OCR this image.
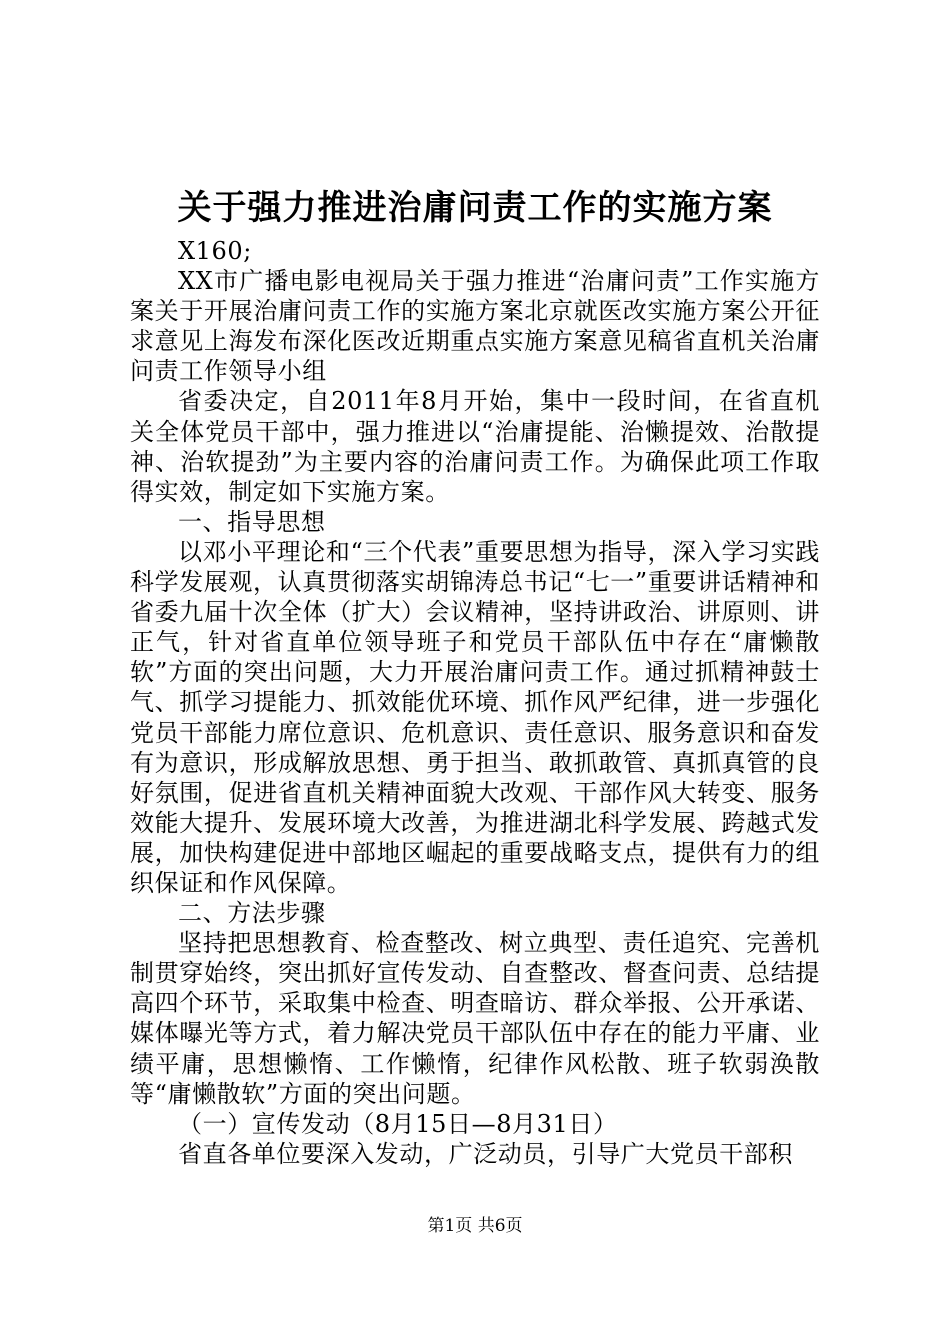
关于强力推进治庸问责工作的实施方案

X160;

XX市广播电影电视局关于强力推进“治庸问责”工作实施方案关于开展治庸问责工作的实施方案北京就医改实施方案公开征求意见上海发布深化医改近期重点实施方案意见稿省直机关治庸问责工作领导小组

省委决定，自2011年8月开始，集中一段时间，在省直机关全体党员干部中，强力推进以“治庸提能、治懒提效、治散提神、治软提劲”为主要内容的治庸问责工作。为确保此项工作取得实效，制定如下实施方案。

一、指导思想

以邓小平理论和“三个代表”重要思想为指导，深入学习实践科学发展观，认真贯彻落实胡锦涛总书记“七一”重要讲话精神和省委九届十次全体（扩大）会议精神，坚持讲政治、讲原则、讲正气，针对省直单位领导班子和党员干部队伍中存在“庸懒散软”方面的突出问题，大力开展治庸问责工作。通过抓精神鼓士气、抓学习提能力、抓效能优环境、抓作风严纪律，进一步强化党员干部能力席位意识、危机意识、责任意识、服务意识和奋发有为意识，形成解放思想、勇于担当、敢抓敢管、真抓真管的良好氛围，促进省直机关精神面貌大改观、干部作风大转变、服务效能大提升、发展环境大改善，为推进湖北科学发展、跨越式发展，加快构建促进中部地区崛起的重要战略支点，提供有力的组织保证和作风保障。

二、方法步骤

坚持把思想教育、检查整改、树立典型、责任追究、完善机制贯穿始终，突出抓好宣传发动、自查整改、督查问责、总结提高四个环节，采取集中检查、明查暗访、群众举报、公开承诺、媒体曝光等方式，着力解决党员干部队伍中存在的能力平庸、业绩平庸，思想懒惰、工作懒惰，纪律作风松散、班子软弱涣散等“庸懒散软”方面的突出问题。

（一）宣传发动（8月15日—8月31日）

省直各单位要深入发动，广泛动员，引导广大党员干部积

第1页 共6页
